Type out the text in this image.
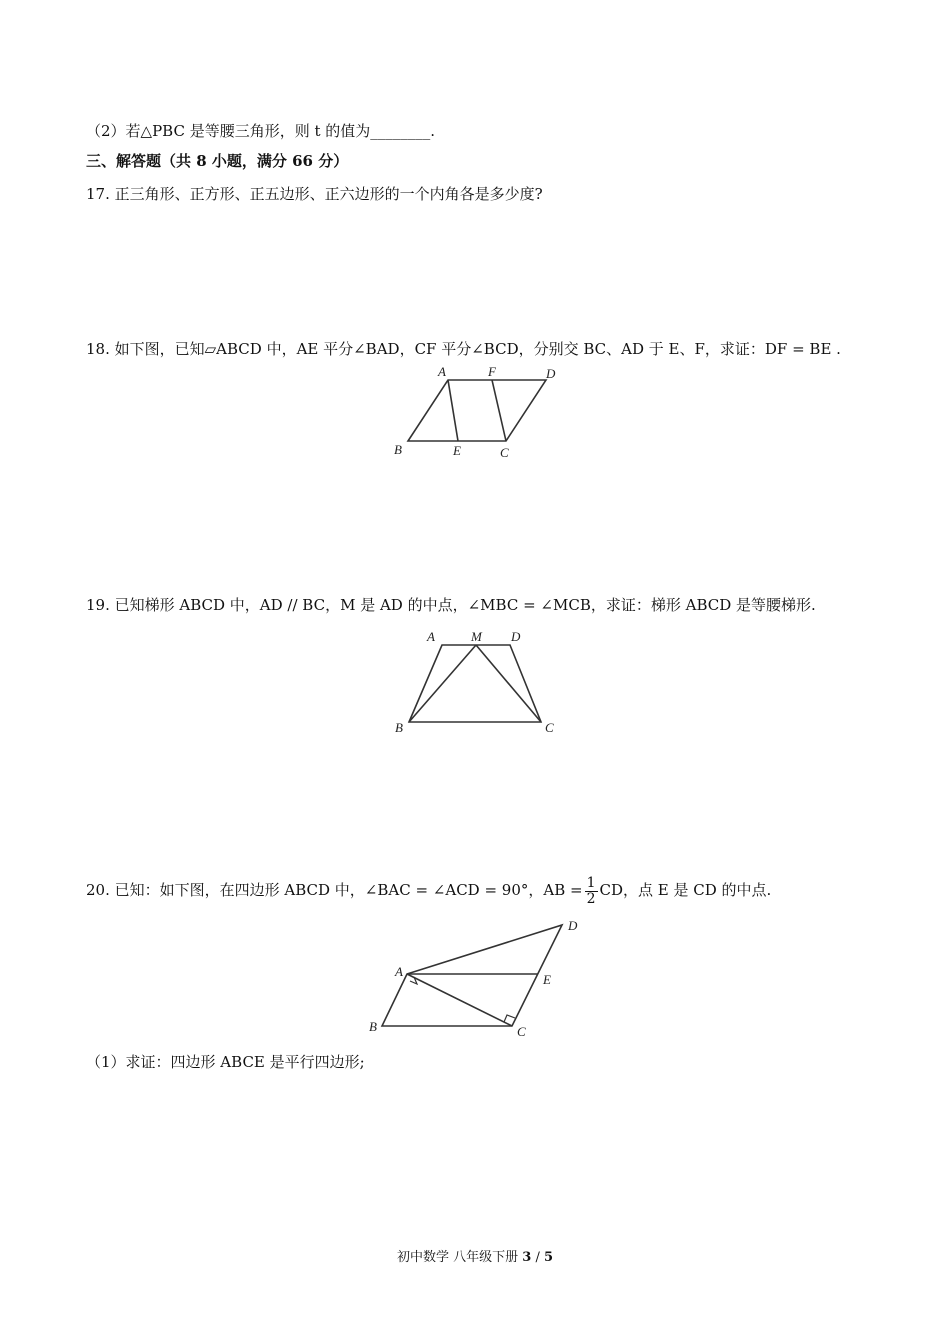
（2）若△PBC 是等腰三角形，则 t 的值为________.
三、解答题（共 8 小题，满分 66 分）
17. 正三角形、正方形、正五边形、正六边形的一个内角各是多少度?
18. 如下图，已知▱ABCD 中，AE 平分∠BAD，CF 平分∠BCD，分别交 BC、AD 于 E、F，求证：DF = BE .
A	F	D
B	E	C
19. 已知梯形 ABCD 中，AD // BC，M 是 AD 的中点，∠MBC = ∠MCB，求证：梯形 ABCD 是等腰梯形.
A	M D
B	C
20. 已知：如下图，在四边形 ABCD 中，∠BAC = ∠ACD = 90°，AB = $\frac{1}{2}$ CD，点 E 是 CD 的中点.
D
A
E
B	C
（1）求证：四边形 ABCE 是平行四边形;
初中数学 八年级下册 3 / 5
